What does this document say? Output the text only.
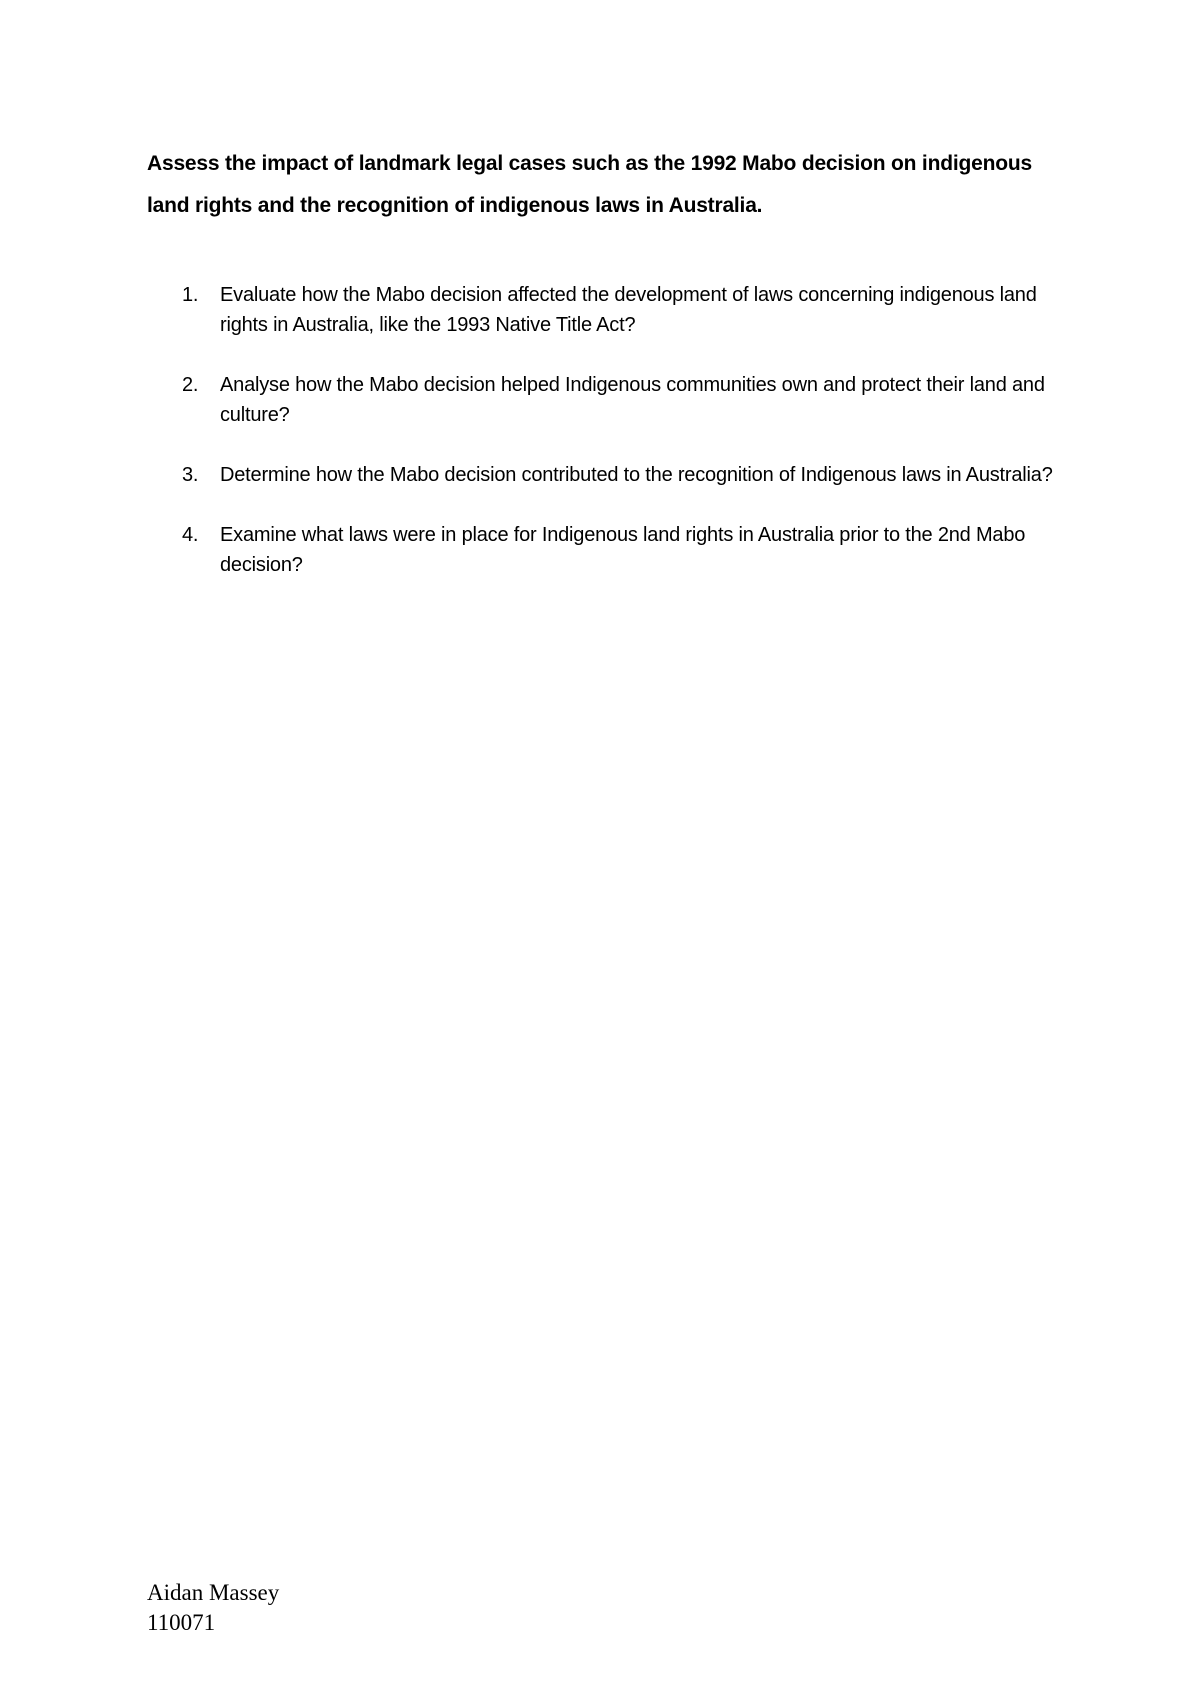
Assess the impact of landmark legal cases such as the 1992 Mabo decision on indigenous land rights and the recognition of indigenous laws in Australia.

1. Evaluate how the Mabo decision affected the development of laws concerning indigenous land rights in Australia, like the 1993 Native Title Act?
2. Analyse how the Mabo decision helped Indigenous communities own and protect their land and culture?
3. Determine how the Mabo decision contributed to the recognition of Indigenous laws in Australia?
4. Examine what laws were in place for Indigenous land rights in Australia prior to the 2nd Mabo decision?
Aidan Massey
110071
